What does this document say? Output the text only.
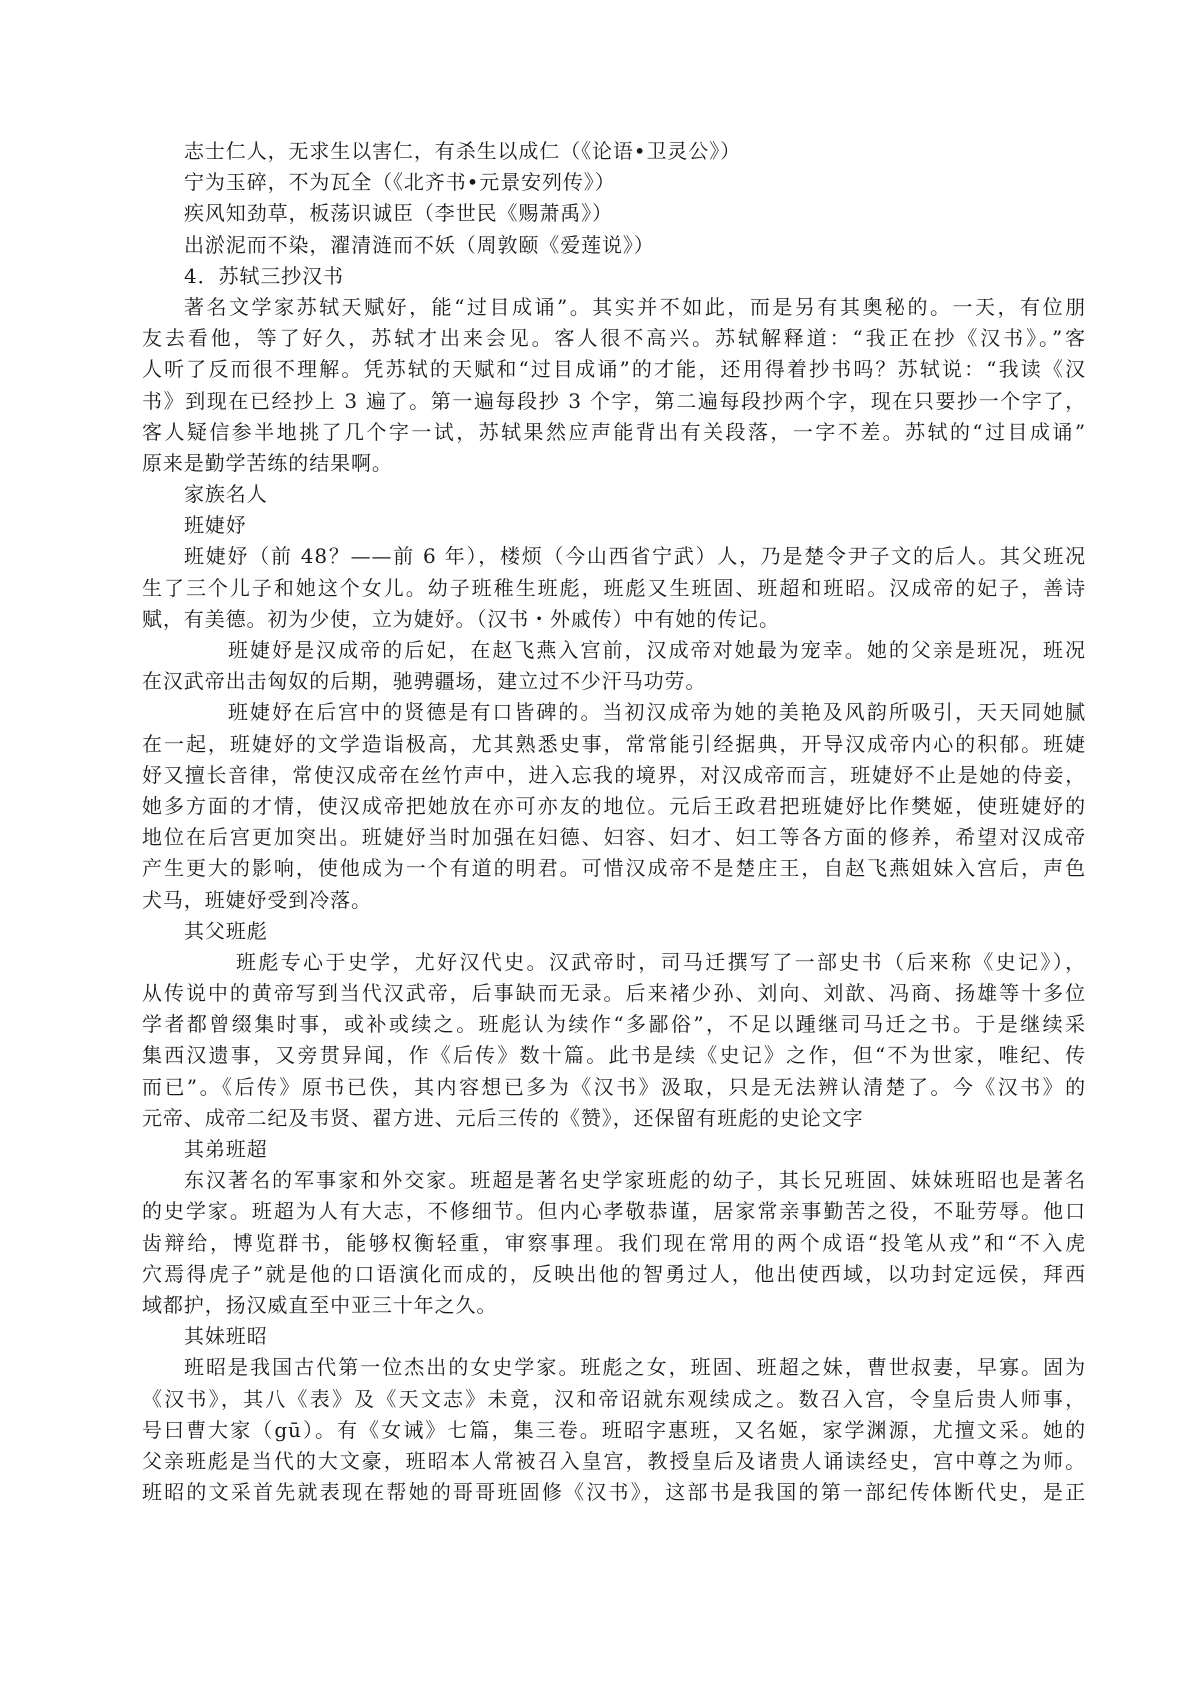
志士仁人，无求生以害仁，有杀生以成仁（《论语•卫灵公》）
宁为玉碎，不为瓦全（《北齐书•元景安列传》）
疾风知劲草，板荡识诚臣（李世民《赐萧禹》）
出淤泥而不染，濯清涟而不妖（周敦颐《爱莲说》）
4．苏轼三抄汉书
著名文学家苏轼天赋好，能“过目成诵”。其实并不如此，而是另有其奥秘的。一天，有位朋
友去看他，等了好久，苏轼才出来会见。客人很不高兴。苏轼解释道：“我正在抄《汉书》。”客
人听了反而很不理解。凭苏轼的天赋和“过目成诵”的才能，还用得着抄书吗？苏轼说：“我读《汉
书》到现在已经抄上 3 遍了。第一遍每段抄 3 个字，第二遍每段抄两个字，现在只要抄一个字了，
客人疑信参半地挑了几个字一试，苏轼果然应声能背出有关段落，一字不差。苏轼的“过目成诵”
原来是勤学苦练的结果啊。
家族名人
班婕妤
班婕妤（前 48？——前 6 年），楼烦（今山西省宁武）人，乃是楚令尹子文的后人。其父班况
生了三个儿子和她这个女儿。幼子班稚生班彪，班彪又生班固、班超和班昭。汉成帝的妃子，善诗
赋，有美德。初为少使，立为婕妤。（汉书・外戚传）中有她的传记。
班婕妤是汉成帝的后妃，在赵飞燕入宫前，汉成帝对她最为宠幸。她的父亲是班况，班况
在汉武帝出击匈奴的后期，驰骋疆场，建立过不少汗马功劳。
班婕妤在后宫中的贤德是有口皆碑的。当初汉成帝为她的美艳及风韵所吸引，天天同她腻
在一起，班婕妤的文学造诣极高，尤其熟悉史事，常常能引经据典，开导汉成帝内心的积郁。班婕
妤又擅长音律，常使汉成帝在丝竹声中，进入忘我的境界，对汉成帝而言，班婕妤不止是她的侍妾，
她多方面的才情，使汉成帝把她放在亦可亦友的地位。元后王政君把班婕妤比作樊姬，使班婕妤的
地位在后宫更加突出。班婕妤当时加强在妇德、妇容、妇才、妇工等各方面的修养，希望对汉成帝
产生更大的影响，使他成为一个有道的明君。可惜汉成帝不是楚庄王，自赵飞燕姐妹入宫后，声色
犬马，班婕妤受到冷落。
其父班彪
班彪专心于史学，尤好汉代史。汉武帝时，司马迁撰写了一部史书（后来称《史记》），
从传说中的黄帝写到当代汉武帝，后事缺而无录。后来褚少孙、刘向、刘歆、冯商、扬雄等十多位
学者都曾缀集时事，或补或续之。班彪认为续作“多鄙俗”，不足以踵继司马迁之书。于是继续采
集西汉遗事，又旁贯异闻，作《后传》数十篇。此书是续《史记》之作，但“不为世家，唯纪、传
而已”。《后传》原书已佚，其内容想已多为《汉书》汲取，只是无法辨认清楚了。今《汉书》的
元帝、成帝二纪及韦贤、翟方进、元后三传的《赞》，还保留有班彪的史论文字
其弟班超
东汉著名的军事家和外交家。班超是著名史学家班彪的幼子，其长兄班固、妹妹班昭也是著名
的史学家。班超为人有大志，不修细节。但内心孝敬恭谨，居家常亲事勤苦之役，不耻劳辱。他口
齿辩给，博览群书，能够权衡轻重，审察事理。我们现在常用的两个成语“投笔从戎”和“不入虎
穴焉得虎子”就是他的口语演化而成的，反映出他的智勇过人，他出使西域，以功封定远侯，拜西
域都护，扬汉威直至中亚三十年之久。
其妹班昭
班昭是我国古代第一位杰出的女史学家。班彪之女，班固、班超之妹，曹世叔妻，早寡。固为
《汉书》，其八《表》及《天文志》未竟，汉和帝诏就东观续成之。数召入宫，令皇后贵人师事，
号曰曹大家（gū）。有《女诫》七篇，集三卷。班昭字惠班，又名姬，家学渊源，尤擅文采。她的
父亲班彪是当代的大文豪，班昭本人常被召入皇宫，教授皇后及诸贵人诵读经史，宫中尊之为师。
班昭的文采首先就表现在帮她的哥哥班固修《汉书》，这部书是我国的第一部纪传体断代史，是正
